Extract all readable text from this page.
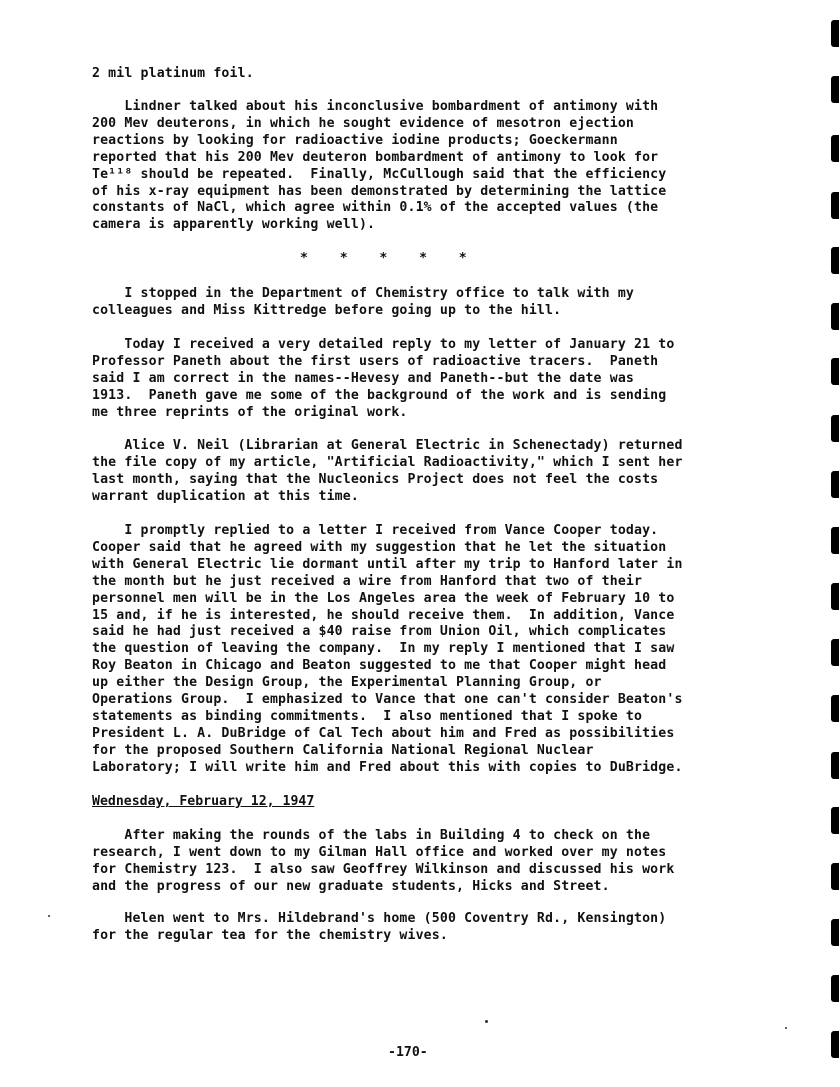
2 mil platinum foil.
Lindner talked about his inconclusive bombardment of antimony with
200 Mev deuterons, in which he sought evidence of mesotron ejection
reactions by looking for radioactive iodine products; Goeckermann
reported that his 200 Mev deuteron bombardment of antimony to look for
Te¹¹⁸ should be repeated.  Finally, McCullough said that the efficiency
of his x-ray equipment has been demonstrated by determining the lattice
constants of NaCl, which agree within 0.1% of the accepted values (the
camera is apparently working well).
*    *    *    *    *
I stopped in the Department of Chemistry office to talk with my
colleagues and Miss Kittredge before going up to the hill.
Today I received a very detailed reply to my letter of January 21 to
Professor Paneth about the first users of radioactive tracers.  Paneth
said I am correct in the names--Hevesy and Paneth--but the date was
1913.  Paneth gave me some of the background of the work and is sending
me three reprints of the original work.
Alice V. Neil (Librarian at General Electric in Schenectady) returned
the file copy of my article, "Artificial Radioactivity," which I sent her
last month, saying that the Nucleonics Project does not feel the costs
warrant duplication at this time.
I promptly replied to a letter I received from Vance Cooper today.
Cooper said that he agreed with my suggestion that he let the situation
with General Electric lie dormant until after my trip to Hanford later in
the month but he just received a wire from Hanford that two of their
personnel men will be in the Los Angeles area the week of February 10 to
15 and, if he is interested, he should receive them.  In addition, Vance
said he had just received a $40 raise from Union Oil, which complicates
the question of leaving the company.  In my reply I mentioned that I saw
Roy Beaton in Chicago and Beaton suggested to me that Cooper might head
up either the Design Group, the Experimental Planning Group, or
Operations Group.  I emphasized to Vance that one can't consider Beaton's
statements as binding commitments.  I also mentioned that I spoke to
President L. A. DuBridge of Cal Tech about him and Fred as possibilities
for the proposed Southern California National Regional Nuclear
Laboratory; I will write him and Fred about this with copies to DuBridge.
Wednesday, February 12, 1947
After making the rounds of the labs in Building 4 to check on the
research, I went down to my Gilman Hall office and worked over my notes
for Chemistry 123.  I also saw Geoffrey Wilkinson and discussed his work
and the progress of our new graduate students, Hicks and Street.
Helen went to Mrs. Hildebrand's home (500 Coventry Rd., Kensington)
for the regular tea for the chemistry wives.
-170-
